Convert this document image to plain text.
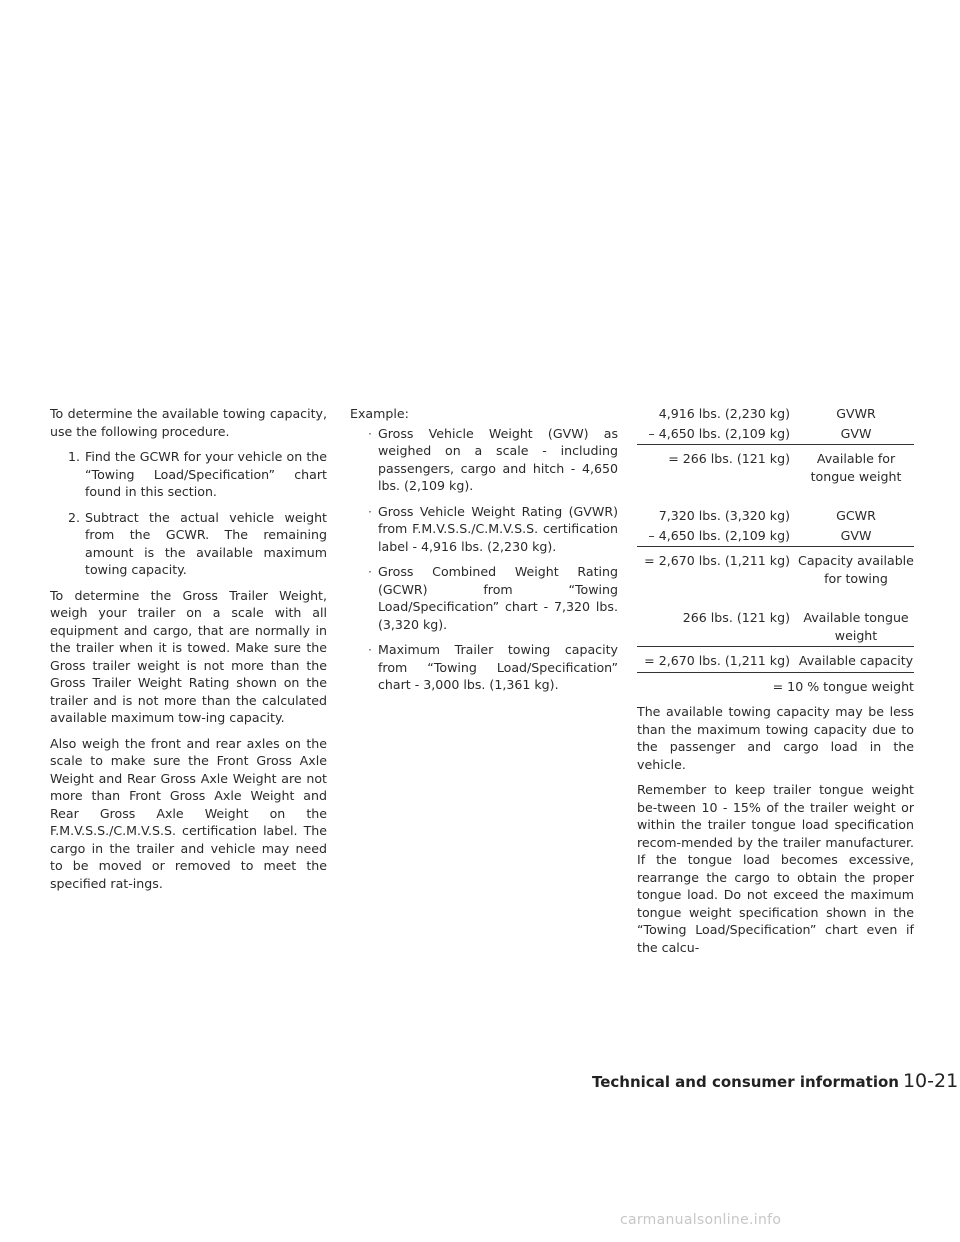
To determine the available towing capacity, use the following procedure.

1. Find the GCWR for your vehicle on the “Towing Load/Specification” chart found in this section.
2. Subtract the actual vehicle weight from the GCWR. The remaining amount is the available maximum towing capacity.

To determine the Gross Trailer Weight, weigh your trailer on a scale with all equipment and cargo, that are normally in the trailer when it is towed. Make sure the Gross trailer weight is not more than the Gross Trailer Weight Rating shown on the trailer and is not more than the calculated available maximum tow-ing capacity.

Also weigh the front and rear axles on the scale to make sure the Front Gross Axle Weight and Rear Gross Axle Weight are not more than Front Gross Axle Weight and Rear Gross Axle Weight on the F.M.V.S.S./C.M.V.S.S. certification label. The cargo in the trailer and vehicle may need to be moved or removed to meet the specified rat-ings.

Example:

· Gross Vehicle Weight (GVW) as weighed on a scale - including passengers, cargo and hitch - 4,650 lbs. (2,109 kg).
· Gross Vehicle Weight Rating (GVWR) from F.M.V.S.S./C.M.V.S.S. certification label - 4,916 lbs. (2,230 kg).
· Gross Combined Weight Rating (GCWR) from “Towing Load/Specification” chart - 7,320 lbs. (3,320 kg).
· Maximum Trailer towing capacity from “Towing Load/Specification” chart - 3,000 lbs. (1,361 kg).
4,916 lbs. (2,230 kg)	GVWR
– 4,650 lbs. (2,109 kg)	GVW
= 266 lbs. (121 kg)	Available for tongue weight
7,320 lbs. (3,320 kg)	GCWR
– 4,650 lbs. (2,109 kg)	GVW
= 2,670 lbs. (1,211 kg) Capacity available for towing
266 lbs. (121 kg)	Available tongue weight
= 2,670 lbs. (1,211 kg) Available capacity
= 10 % tongue weight

The available towing capacity may be less than the maximum towing capacity due to the passenger and cargo load in the vehicle.

Remember to keep trailer tongue weight be-tween 10 - 15% of the trailer weight or within the trailer tongue load specification recom-mended by the trailer manufacturer. If the tongue load becomes excessive, rearrange the cargo to obtain the proper tongue load. Do not exceed the maximum tongue weight specification shown in the “Towing Load/Specification” chart even if the calcu-

Technical and consumer information 10-21
carmanualsonline.info
